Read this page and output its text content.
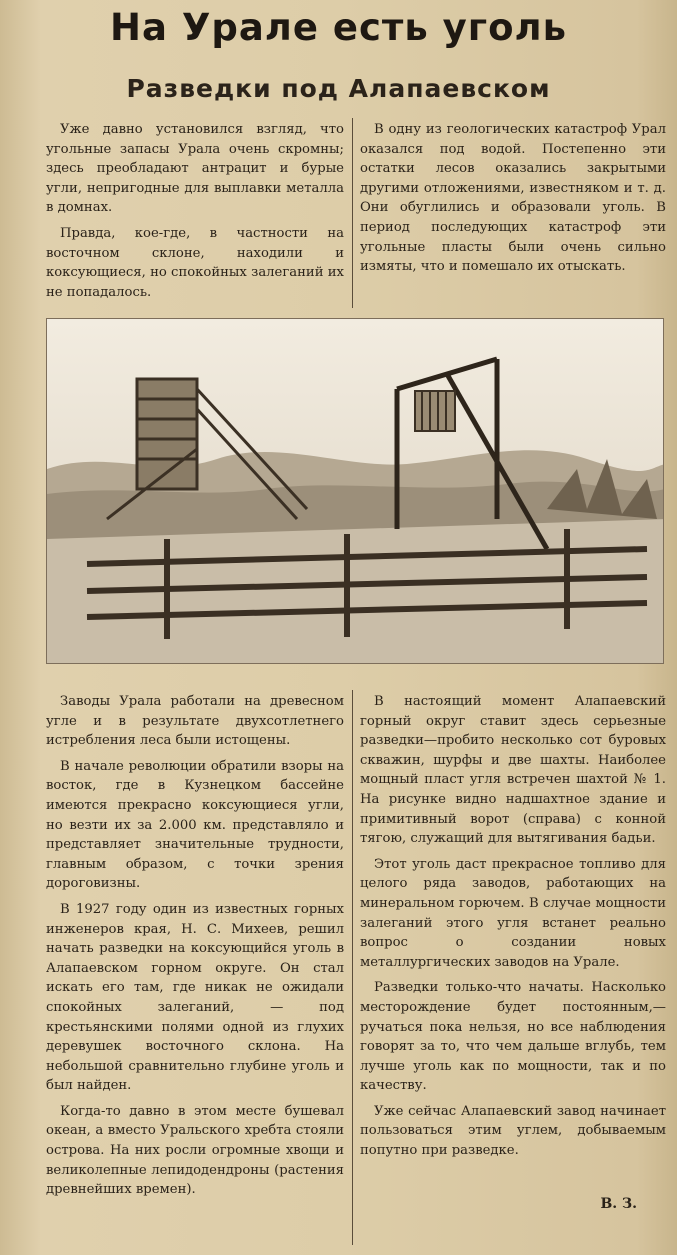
На Урале есть уголь
Разведки под Алапаевском

Уже давно установился взгляд, что угольные запасы Урала очень скромны; здесь преобладают антрацит и бурые угли, непригодные для выплавки металла в домнах.

Правда, кое-где, в частности на восточном склоне, находили и коксующиеся, но спокойных залеганий их не попадалось.

В одну из геологических катастроф Урал оказался под водой. Постепенно эти остатки лесов оказались закрытыми другими отложениями, известняком и т. д. Они обуглились и образовали уголь. В период последующих катастроф эти угольные пласты были очень сильно измяты, что и помешало их отыскать.

Заводы Урала работали на древесном угле и в результате двухсотлетнего истребления леса были истощены.

В начале революции обратили взоры на восток, где в Кузнецком бассейне имеются прекрасно коксующиеся угли, но везти их за 2.000 км. представляло и представляет значительные трудности, главным образом, с точки зрения дороговизны.

В 1927 году один из известных горных инженеров края, Н. С. Михеев, решил начать разведки на коксующийся уголь в Алапаевском горном округе. Он стал искать его там, где никак не ожидали спокойных залеганий, — под крестьянскими полями одной из глухих деревушек восточного склона. На небольшой сравнительно глубине уголь и был найден.

Когда-то давно в этом месте бушевал океан, а вместо Уральского хребта стояли острова. На них росли огромные хвощи и великолепные лепидодендроны (растения древнейших времен).

В настоящий момент Алапаевский горный округ ставит здесь серьезные разведки—пробито несколько сот буровых скважин, шурфы и две шахты. Наиболее мощный пласт угля встречен шахтой № 1. На рисунке видно надшахтное здание и примитивный ворот (справа) с конной тягою, служащий для вытягивания бадьи.

Этот уголь даст прекрасное топливо для целого ряда заводов, работающих на минеральном горючем. В случае мощности залеганий этого угля встанет реально вопрос о создании новых металлургических заводов на Урале.

Разведки только-что начаты. Насколько месторождение будет постоянным,—ручаться пока нельзя, но все наблюдения говорят за то, что чем дальше вглубь, тем лучше уголь как по мощности, так и по качеству.

Уже сейчас Алапаевский завод начинает пользоваться этим углем, добываемым попутно при разведке.

В. З.
